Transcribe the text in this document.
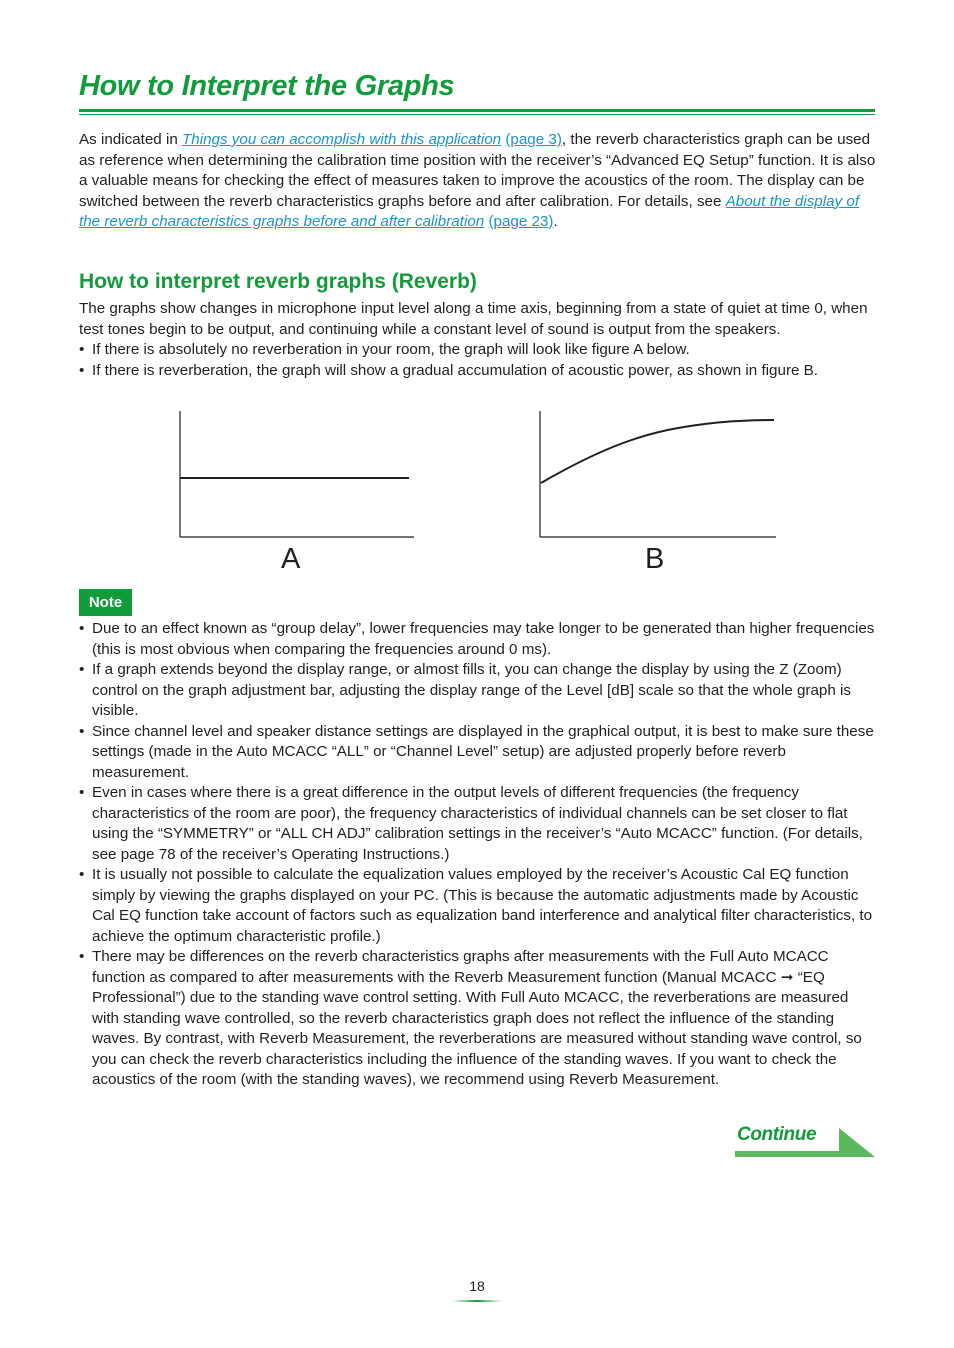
How to Interpret the Graphs

As indicated in Things you can accomplish with this application (page 3), the reverb characteristics graph can be used as reference when determining the calibration time position with the receiver’s “Advanced EQ Setup” function. It is also a valuable means for checking the effect of measures taken to improve the acoustics of the room. The display can be switched between the reverb characteristics graphs before and after calibration. For details, see About the display of the reverb characteristics graphs before and after calibration (page 23).

How to interpret reverb graphs (Reverb)
The graphs show changes in microphone input level along a time axis, beginning from a state of quiet at time 0, when test tones begin to be output, and continuing while a constant level of sound is output from the speakers.
• If there is absolutely no reverberation in your room, the graph will look like figure A below.
• If there is reverberation, the graph will show a gradual accumulation of acoustic power, as shown in figure B.
A	B
Note
• Due to an effect known as “group delay”, lower frequencies may take longer to be generated than higher frequencies (this is most obvious when comparing the frequencies around 0 ms).
• If a graph extends beyond the display range, or almost fills it, you can change the display by using the Z (Zoom) control on the graph adjustment bar, adjusting the display range of the Level [dB] scale so that the whole graph is visible.
• Since channel level and speaker distance settings are displayed in the graphical output, it is best to make sure these settings (made in the Auto MCACC “ALL” or “Channel Level” setup) are adjusted properly before reverb measurement.
• Even in cases where there is a great difference in the output levels of different frequencies (the frequency characteristics of the room are poor), the frequency characteristics of individual channels can be set closer to flat using the “SYMMETRY” or “ALL CH ADJ” calibration settings in the receiver’s “Auto MCACC” function. (For details, see page 78 of the receiver’s Operating Instructions.)
• It is usually not possible to calculate the equalization values employed by the receiver’s Acoustic Cal EQ function simply by viewing the graphs displayed on your PC. (This is because the automatic adjustments made by Acoustic Cal EQ function take account of factors such as equalization band interference and analytical filter characteristics, to achieve the optimum characteristic profile.)
• There may be differences on the reverb characteristics graphs after measurements with the Full Auto MCACC function as compared to after measurements with the Reverb Measurement function (Manual MCACC ➞ “EQ Professional”) due to the standing wave control setting. With Full Auto MCACC, the reverberations are measured with standing wave controlled, so the reverb characteristics graph does not reflect the influence of the standing waves. By contrast, with Reverb Measurement, the reverberations are measured without standing wave control, so you can check the reverb characteristics including the influence of the standing waves. If you want to check the acoustics of the room (with the standing waves), we recommend using Reverb Measurement.
Continue
18
